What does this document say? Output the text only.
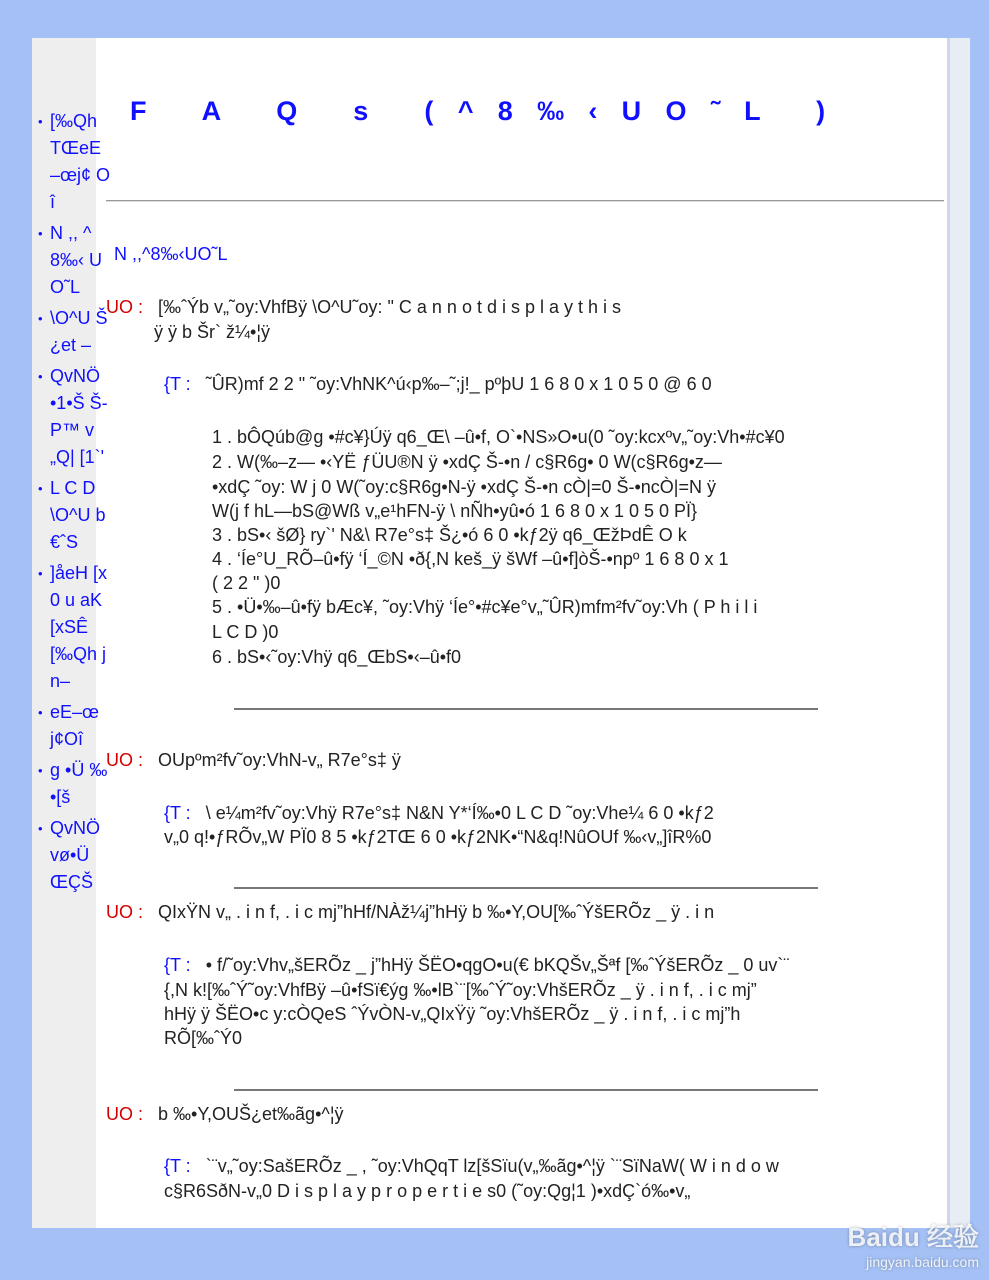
• [‰Qh TŒeE –œj¢ Oî
• N ,, ^8‰‹ UO˜L
• \O^U Š¿et –
• QvNÖ •1•Š Š-P™ v„Q| [1`'
• L C D \O^U b€ˆS
• ]åeH [x0 u aK [xSÊ [‰Qh j n–
• eE–œ j¢Oî
• g •Ü ‰•[š
• QvNÖ vø•Ü ŒÇŠ
F A Q s (^8‰‹UO˜L )
N ,,^8‰‹UO˜L
UO : [‰ˆÝb v„˜oy:VhfBÿ \O^U˜oy: " C a n n o t d i s p l a y t h i s
ÿ ÿ b Šr` ž¼•¦ÿ
{T : ˜ÛR)mf 2 2 " ˜oy:VhNK^ú‹p‰–˜;j!_ pºþU 1 6 8 0 x 1 0 5 0 @ 6 0
1 . bÔQúb@g •#c¥}Úÿ q6_Œ\ –û•f, O`•NS»O•u(0 ˜oy:kcxºv„˜oy:Vh•#c¥0
2 . W(‰–z— •‹YË ƒÜU®N ÿ •xdÇ Š-•n / c§R6g• 0 W(c§R6g•z—
•xdÇ ˜oy: W j 0 W(˜oy:c§R6g•N-ÿ •xdÇ Š-•n cÒ|=0 Š-•ncÒ|=N ÿ
W(j f hL—bS@Wß v„e¹hFN-ÿ \ nÑh•yû•ó 1 6 8 0 x 1 0 5 0 PÏ}
3 . bS•‹ šØ} ry`' N&\ R7e°s‡ Š¿•ó 6 0 •kƒ2ÿ q6_ŒžÞdÊ O k
4 . ‘Íe°U_RÕ–û•fÿ ‘Í_©N •ð{,N keš_ÿ šWf –û•f]òŠ-•npº 1 6 8 0 x 1
( 2 2 " )0
5 . •Ü•‰–û•fÿ bÆc¥, ˜oy:Vhÿ ‘Íe°•#c¥e°v„˜ÛR)mfm²fv˜oy:Vh ( P h i l i
L C D )0
6 . bS•‹˜oy:Vhÿ q6_ŒbS•‹–û•f0
UO : OUpºm²fv˜oy:VhN-v„ R7e°s‡ ÿ
{T : \ e¼m²fv˜oy:Vhÿ R7e°s‡ N&N Y*‘Í‰•0 L C D ˜oy:Vhe¼ 6 0 •kƒ2
v„0 q!•ƒRÕv„W PÏ0 8 5 •kƒ2TŒ 6 0 •kƒ2NK•“N&q!NûOUf ‰‹v„]îR%0
UO : QIxŸN v„ . i n f, . i c mj”hHf/NÀž¼j”hHÿ b ‰•Y,OU[‰ˆÝšERÕz _ ÿ . i n
{T : • f/˜oy:Vhv„šERÕz _ j”hHÿ ŠËO•qgO•u(€ bKQŠv„Šªf [‰ˆÝšERÕz _ 0 uv`¨
{,N k![‰ˆÝ˜oy:VhfBÿ –û•fSï€ýg ‰•lB`¨[‰ˆÝ˜oy:VhšERÕz _ ÿ . i n f, . i c mj”
hHÿ ÿ ŠËO•c y:cÒQeS ˆÝvÒN-v„QIxŸÿ ˜oy:VhšERÕz _ ÿ . i n f, . i c mj”h
RÕ[‰ˆÝ0
UO : b ‰•Y,OUŠ¿et‰ãg•^¦ÿ
{T : `¨v„˜oy:SašERÕz _ , ˜oy:VhQqT lz[šSïu(v„‰ãg•^¦ÿ `¨SïNaW( W i n d o w
c§R6SðN-v„0 D i s p l a y p r o p e r t i e s0 (˜oy:Qg¦1 )•xdÇ`ó‰•v„
Baidu 经验
jingyan.baidu.com
